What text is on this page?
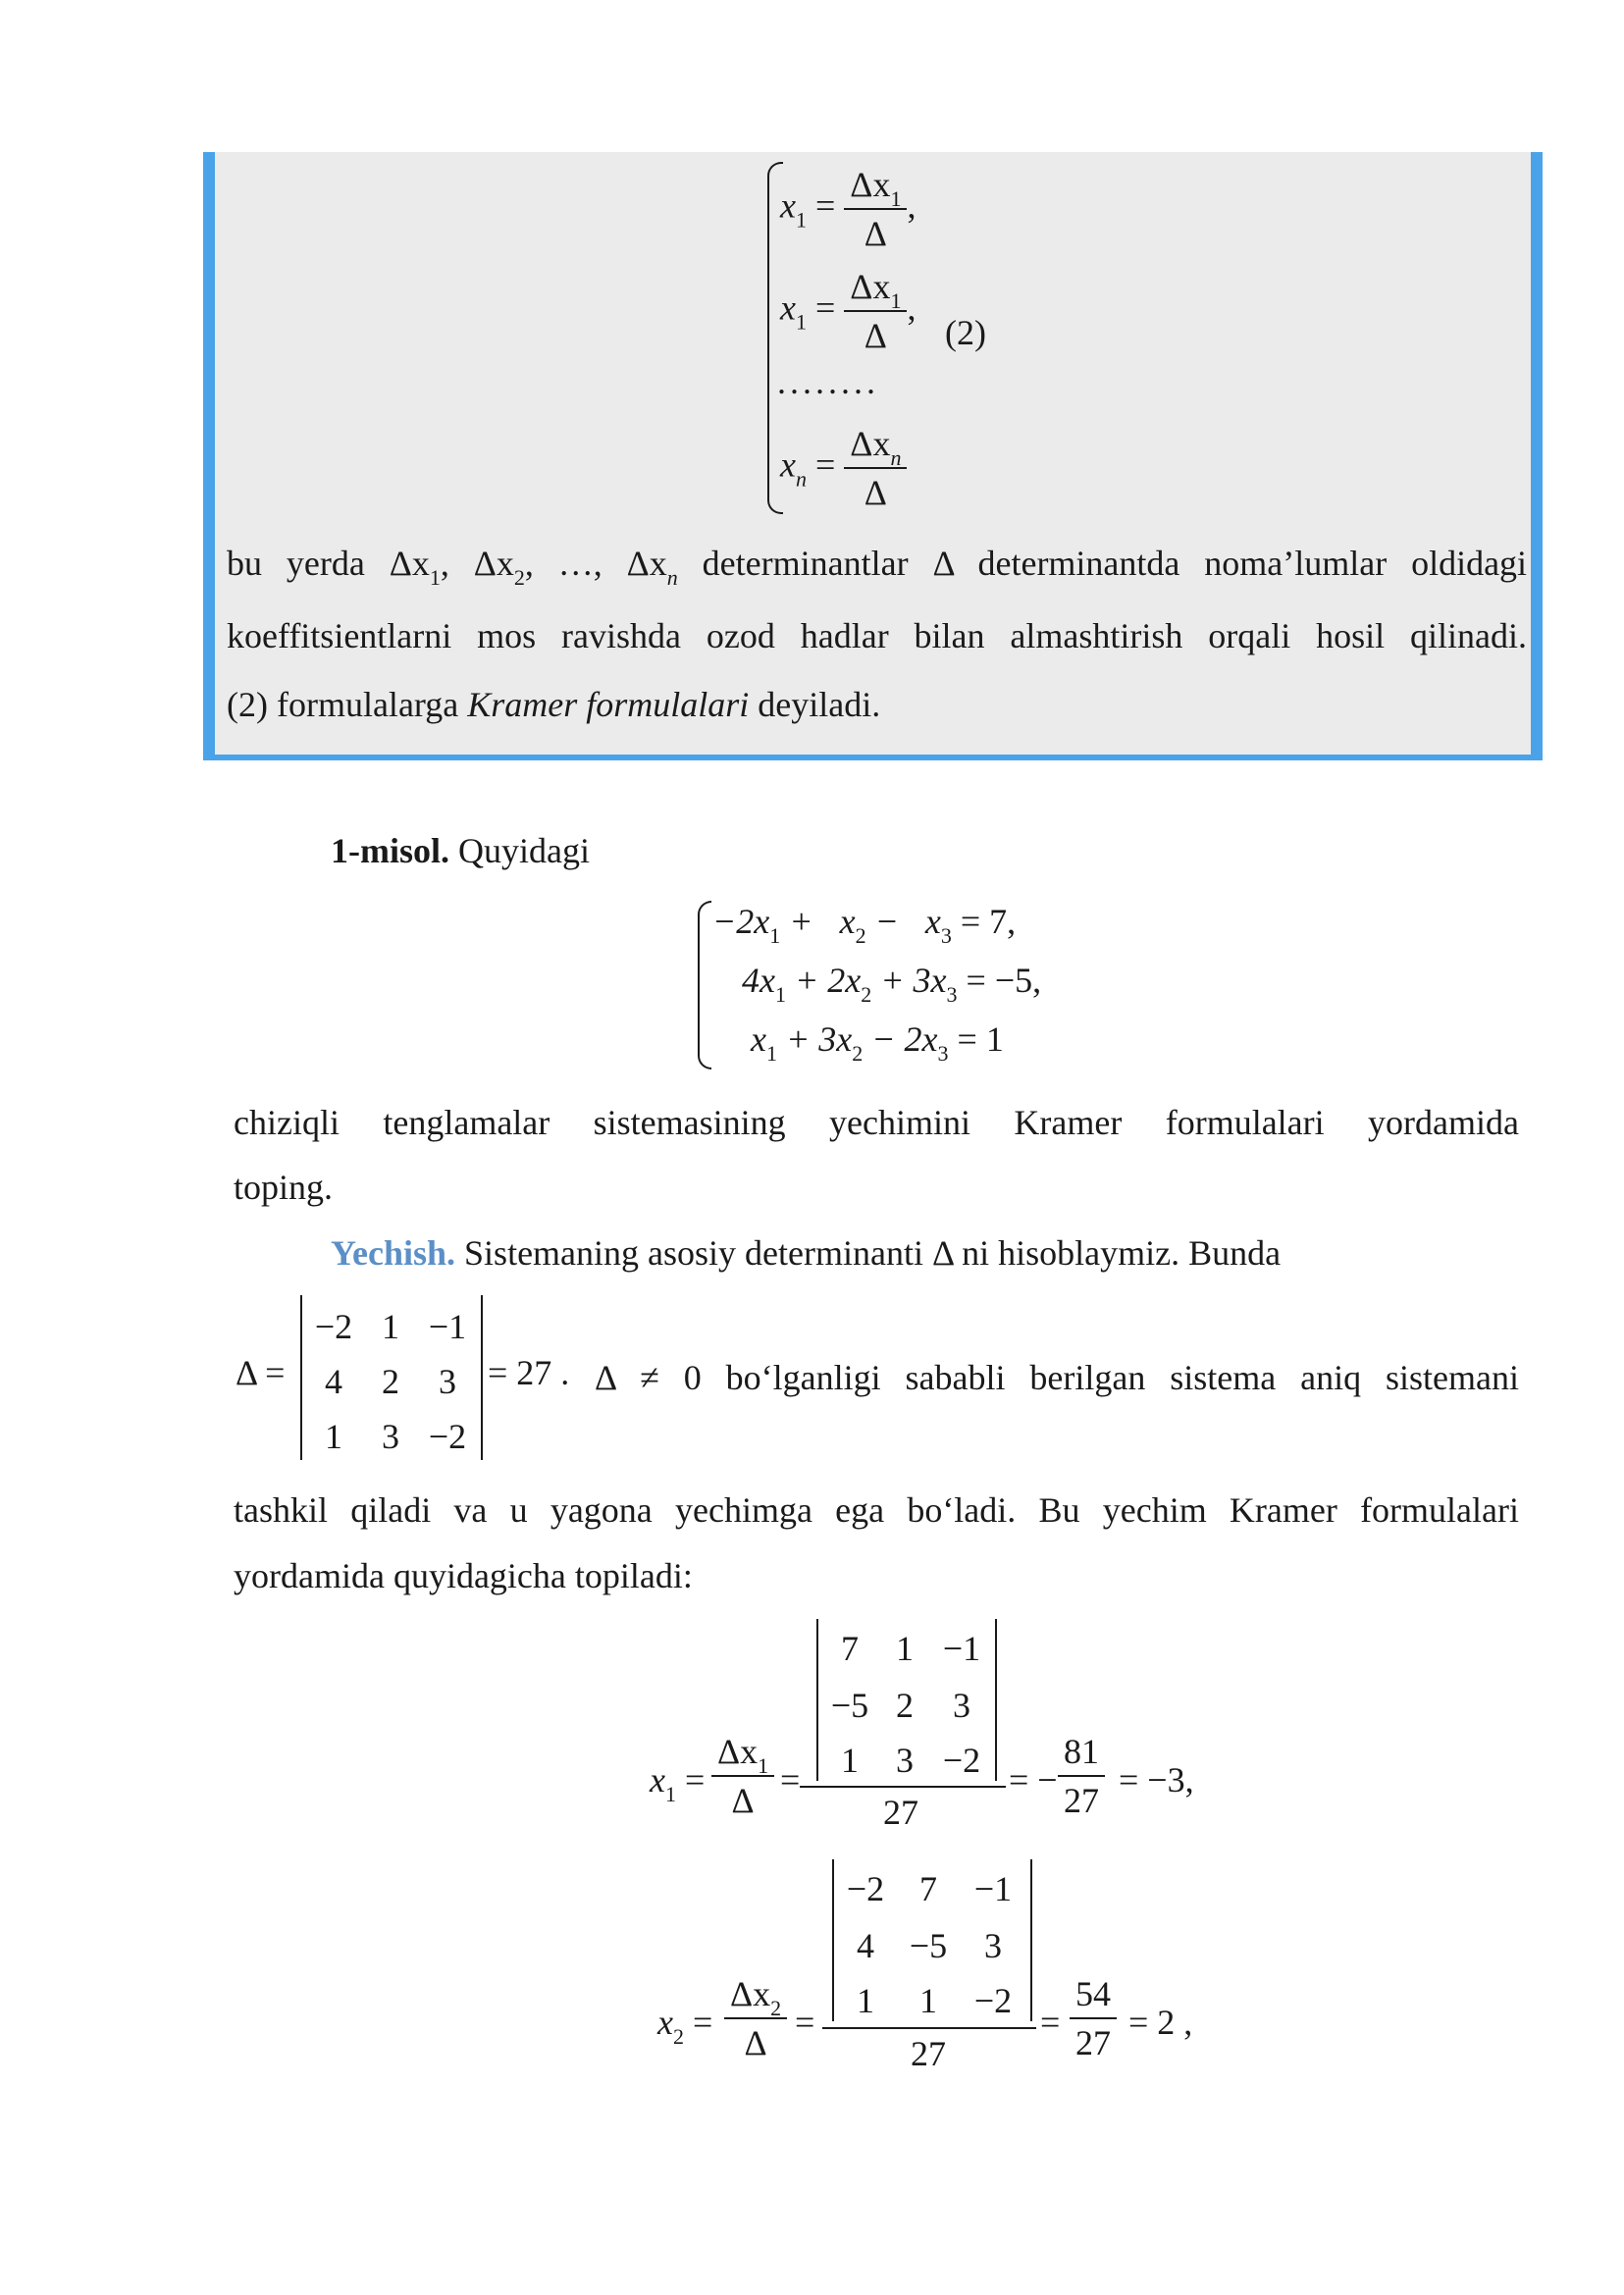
$x_1 = \frac{\Delta x_1}{\Delta}$ ,
$x_1 = \frac{\Delta x_1}{\Delta}$ ,
(2)
........
$x_n = \frac{\Delta x_n}{\Delta}$
bu yerda $\Delta x_1$, $\Delta x_2$, …, $\Delta x_n$ determinantlar Δ determinantda noma’lumlar oldidagi
koeffitsientlarni mos ravishda ozod hadlar bilan almashtirish orqali hosil qilinadi.
(2) formulalarga Kramer formulalari deyiladi.
1-misol. Quyidagi
$-2x_1 + x_2 - x_3 = 7$,
$4x_1 + 2x_2 + 3x_3 = -5$,
$x_1 + 3x_2 - 2x_3 = 1$
chiziqli tenglamalar sistemasining yechimini Kramer formulalari yordamida
toping.
Yechish. Sistemaning asosiy determinanti Δ ni hisoblaymiz. Bunda
Δ =
−2 1 −1
4	2	3
1	3 −2
= 27 . Δ ≠ 0 bo‘lganligi sababli berilgan sistema aniq sistemani
tashkil qiladi va u yagona yechimga ega bo‘ladi. Bu yechim Kramer formulalari
yordamida quyidagicha topiladi:
$x_1 = \frac{\Delta x_1}{\Delta}$ =
7	1 −1
−5 2	3
1	3 −2
27
= − $\frac{81}{27} = -3$,
$x_2 = \frac{\Delta x_2}{\Delta}$ =
−2 7	−1
4 −5	3
1	1	−2
27
= $\frac{54}{27} = 2$ ,
